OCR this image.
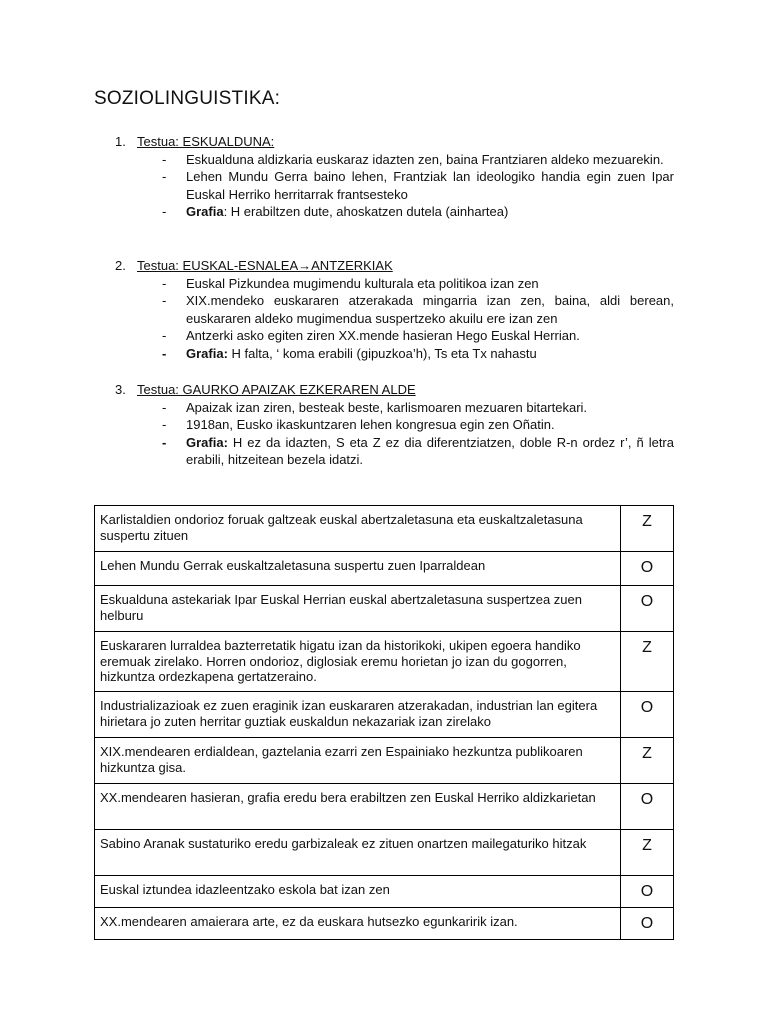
SOZIOLINGUISTIKA:
1. Testua: ESKUALDUNA:
- Eskualduna aldizkaria euskaraz idazten zen, baina Frantziaren aldeko mezuarekin.
- Lehen Mundu Gerra baino lehen, Frantziak lan ideologiko handia egin zuen Ipar Euskal Herriko herritarrak frantsesteko
- Grafia: H erabiltzen dute, ahoskatzen dutela (ainhartea)
2. Testua: EUSKAL-ESNALEA→ANTZERKIAK
- Euskal Pizkundea mugimendu kulturala eta politikoa izan zen
- XIX.mendeko euskararen atzerakada mingarria izan zen, baina, aldi berean, euskararen aldeko mugimendua suspertzeko akuilu ere izan zen
- Antzerki asko egiten ziren XX.mende hasieran Hego Euskal Herrian.
- Grafia: H falta, ‘ koma erabili (gipuzkoa’h), Ts eta Tx nahastu
3. Testua: GAURKO APAIZAK EZKERAREN ALDE
- Apaizak izan ziren, besteak beste, karlismoaren mezuaren bitartekari.
- 1918an, Eusko ikaskuntzaren lehen kongresua egin zen Oñatin.
- Grafia: H ez da idazten, S eta Z ez dia diferentziatzen, doble R-n ordez r’, ñ letra erabili, hitzeitean bezela idatzi.
Karlistaldien ondorioz foruak galtzeak euskal abertzaletasuna eta euskaltzaletasuna suspertu zituen	Z
Lehen Mundu Gerrak euskaltzaletasuna suspertu zuen Iparraldean	O
Eskualduna astekariak Ipar Euskal Herrian euskal abertzaletasuna suspertzea zuen helburu	O
Euskararen lurraldea bazterretatik higatu izan da historikoki, ukipen egoera handiko eremuak zirelako. Horren ondorioz, diglosiak eremu horietan jo izan du gogorren, hizkuntza ordezkapena gertatzeraino.	Z
Industrializazioak ez zuen eraginik izan euskararen atzerakadan, industrian lan egitera hirietara jo zuten herritar guztiak euskaldun nekazariak izan zirelako	O
XIX.mendearen erdialdean, gaztelania ezarri zen Espainiako hezkuntza publikoaren hizkuntza gisa.	Z
XX.mendearen hasieran, grafia eredu bera erabiltzen zen Euskal Herriko aldizkarietan	O
Sabino Aranak sustaturiko eredu garbizaleak ez zituen onartzen mailegaturiko hitzak	Z
Euskal iztundea idazleentzako eskola bat izan zen	O
XX.mendearen amaierara arte, ez da euskara hutsezko egunkaririk izan.	O
